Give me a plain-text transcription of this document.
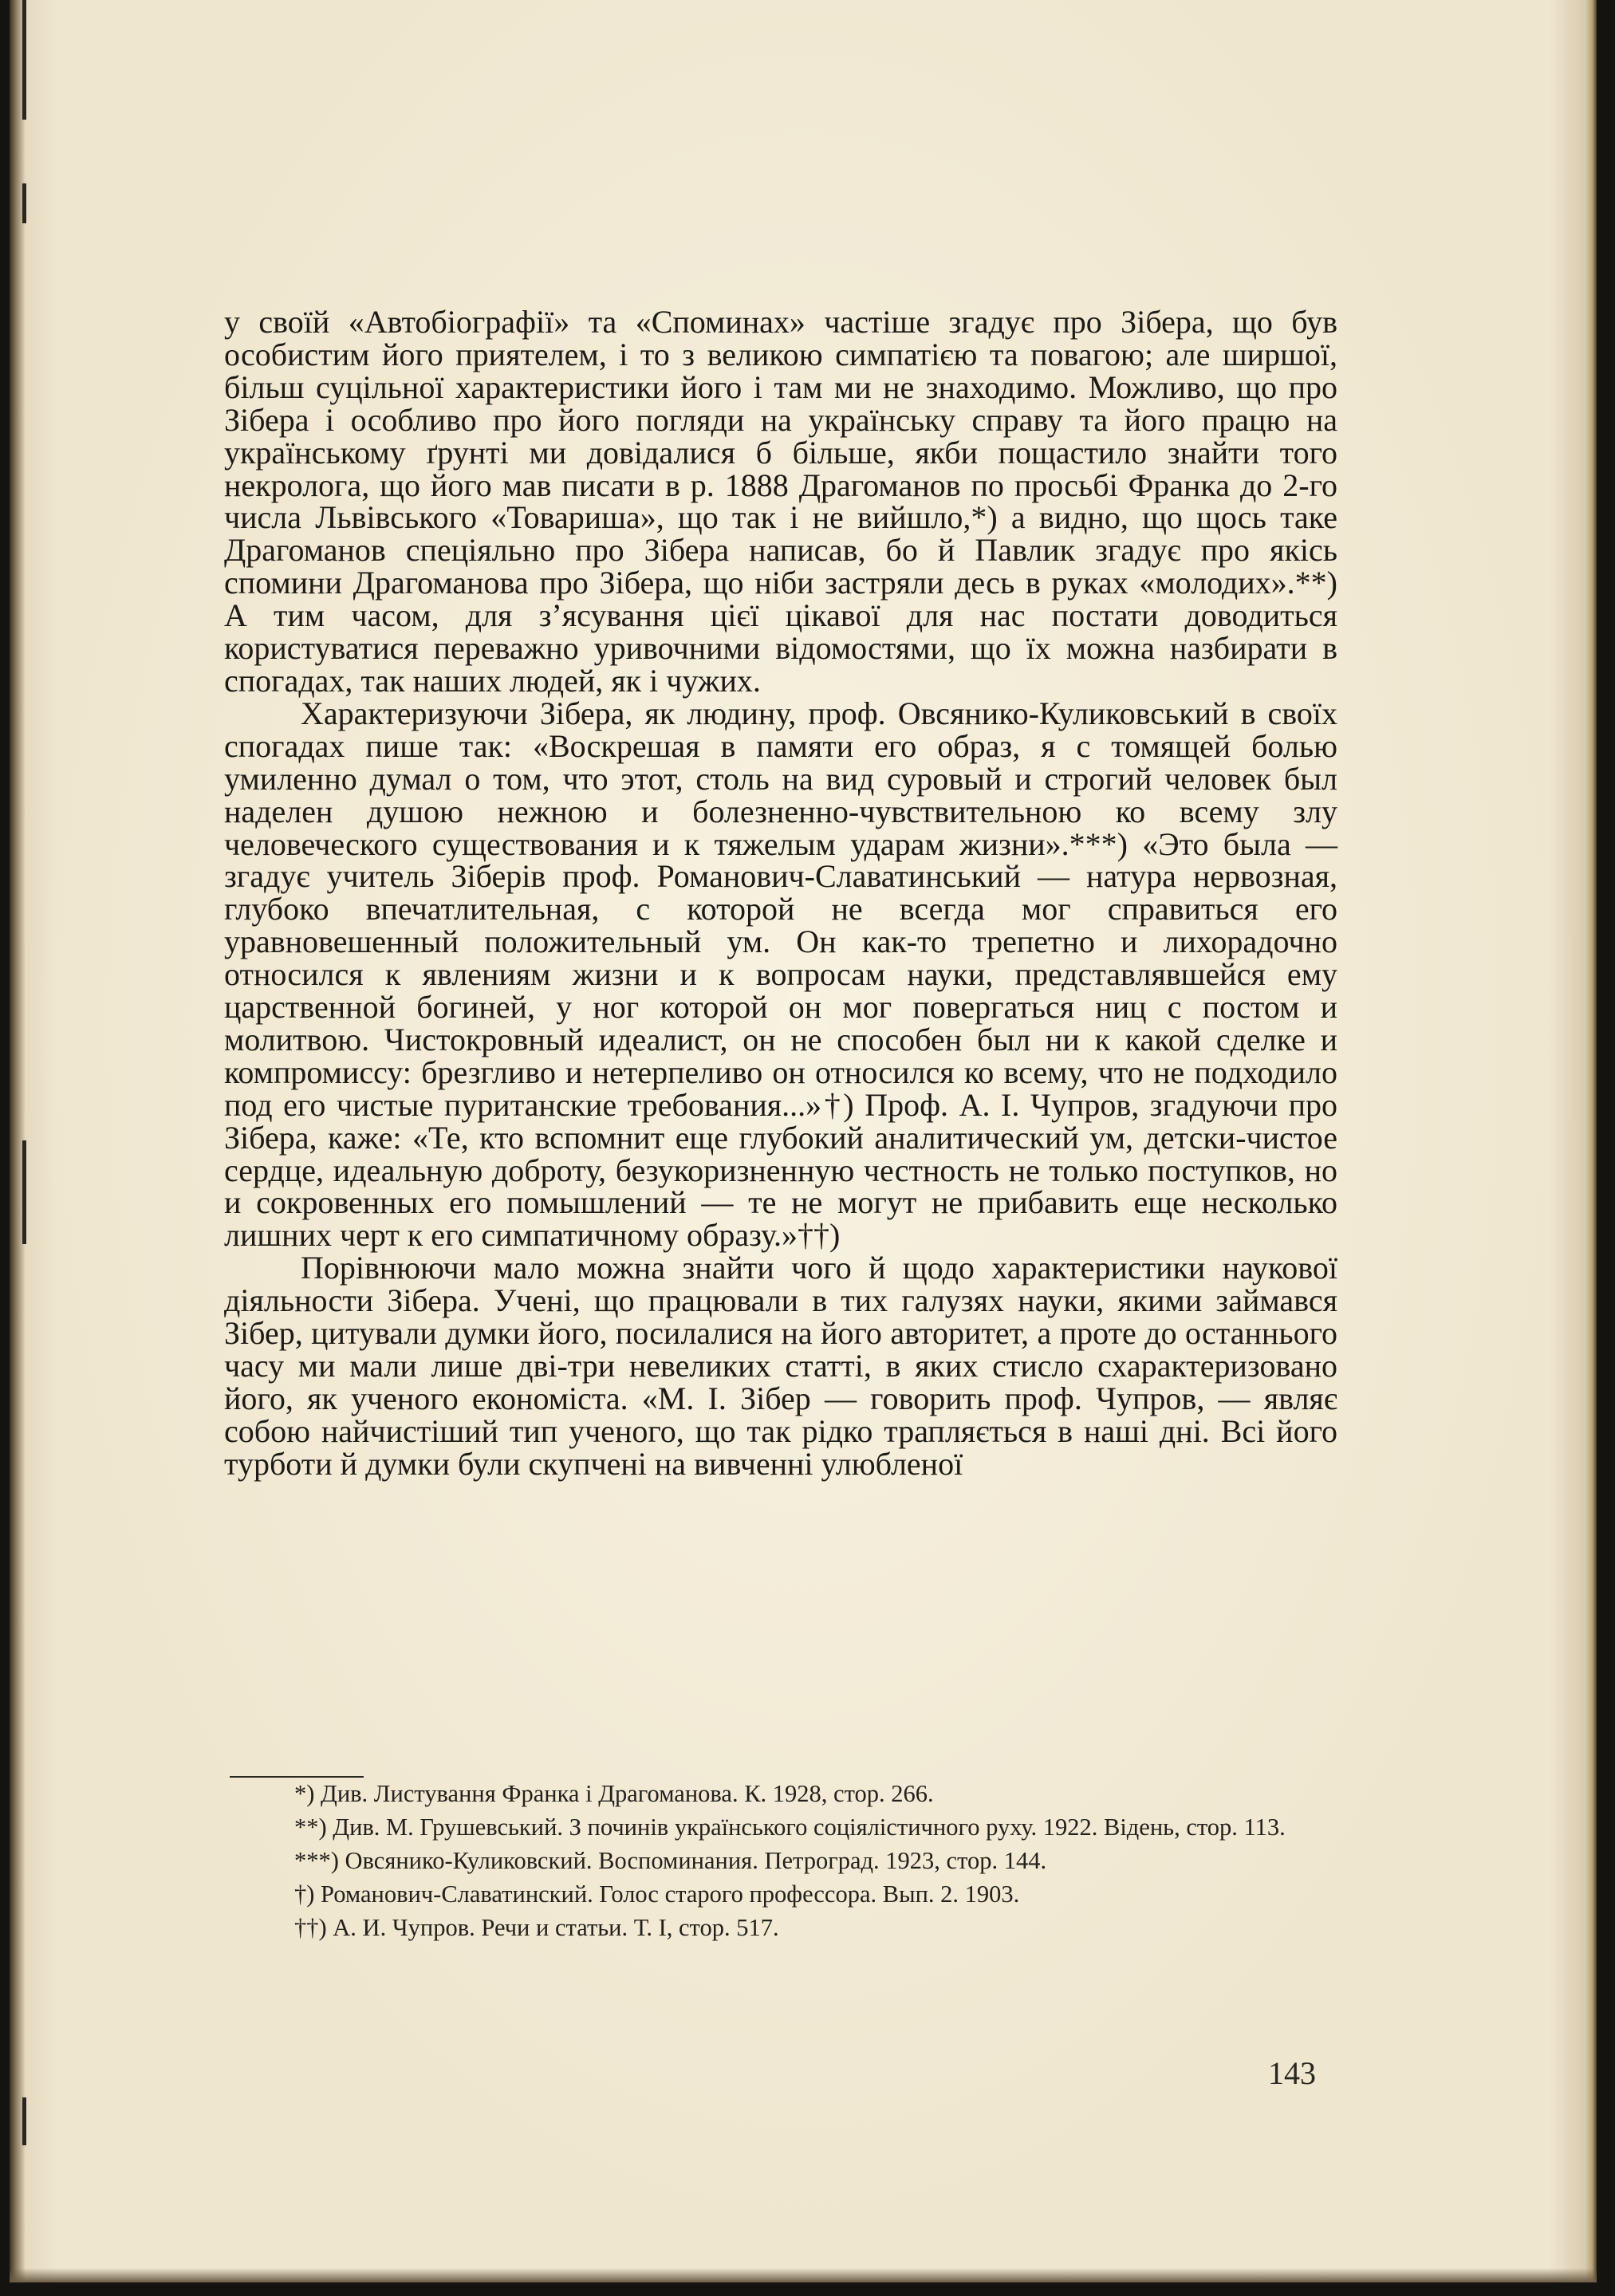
у своїй «Автобіографії» та «Споминах» частіше згадує про Зібера, що був особистим його приятелем, і то з великою симпатією та повагою; але ширшої, більш суцільної характеристики його і там ми не знаходимо. Можливо, що про Зібера і особливо про його погляди на українську справу та його працю на українському ґрунті ми довідалися б більше, якби пощастило знайти того некролога, що його мав писати в р. 1888 Драгоманов по просьбі Франка до 2-го числа Львівського «Товариша», що так і не вийшло,*) а видно, що щось таке Драгоманов спеціяльно про Зібера написав, бо й Павлик згадує про якісь спомини Драгоманова про Зібера, що ніби застряли десь в руках «молодих».**) А тим часом, для з’ясування цієї цікавої для нас постати доводиться користуватися переважно уривочними відомостями, що їх можна назбирати в спогадах, так наших людей, як і чужих.

Характеризуючи Зібера, як людину, проф. Овсянико-Куликовський в своїх спогадах пише так: «Воскрешая в памяти его образ, я с томящей болью умиленно думал о том, что этот, столь на вид суровый и строгий человек был наделен душою нежною и болезненно-чувствительною ко всему злу человеческого существования и к тяжелым ударам жизни».***) «Это была — згадує учитель Зіберів проф. Романович-Славатинський — натура нервозная, глубоко впечатлительная, с которой не всегда мог справиться его уравновешенный положительный ум. Он как-то трепетно и лихорадочно относился к явлениям жизни и к вопросам науки, представлявшейся ему царственной богиней, у ног которой он мог повергаться ниц с постом и молитвою. Чистокровный идеалист, он не способен был ни к какой сделке и компромиссу: брезгливо и нетерпеливо он относился ко всему, что не подходило под его чистые пуританские требования...»†) Проф. А. І. Чупров, згадуючи про Зібера, каже: «Те, кто вспомнит еще глубокий аналитический ум, детски-чистое сердце, идеальную доброту, безукоризненную честность не только поступков, но и сокровенных его помышлений — те не могут не прибавить еще несколько лишних черт к его симпатичному образу.»††)

Порівнюючи мало можна знайти чого й щодо характеристики наукової діяльности Зібера. Учені, що працювали в тих галузях науки, якими займався Зібер, цитували думки його, посилалися на його авторитет, а проте до останнього часу ми мали лише дві-три невеликих статті, в яких стисло схарактеризовано його, як ученого економіста. «М. І. Зібер — говорить проф. Чупров, — являє собою найчистіший тип ученого, що так рідко трапляється в наші дні. Всі його турботи й думки були скупчені на вивченні улюбленої

*) Див. Листування Франка і Драгоманова. К. 1928, стор. 266.

**) Див. М. Грушевський. З починів українського соціялістичного руху. 1922. Відень, стор. 113.

***) Овсянико-Куликовский. Воспоминания. Петроград. 1923, стор. 144.

†) Романович-Славатинский. Голос старого профессора. Вып. 2. 1903.

††) А. И. Чупров. Речи и статьи. Т. І, стор. 517.

143
